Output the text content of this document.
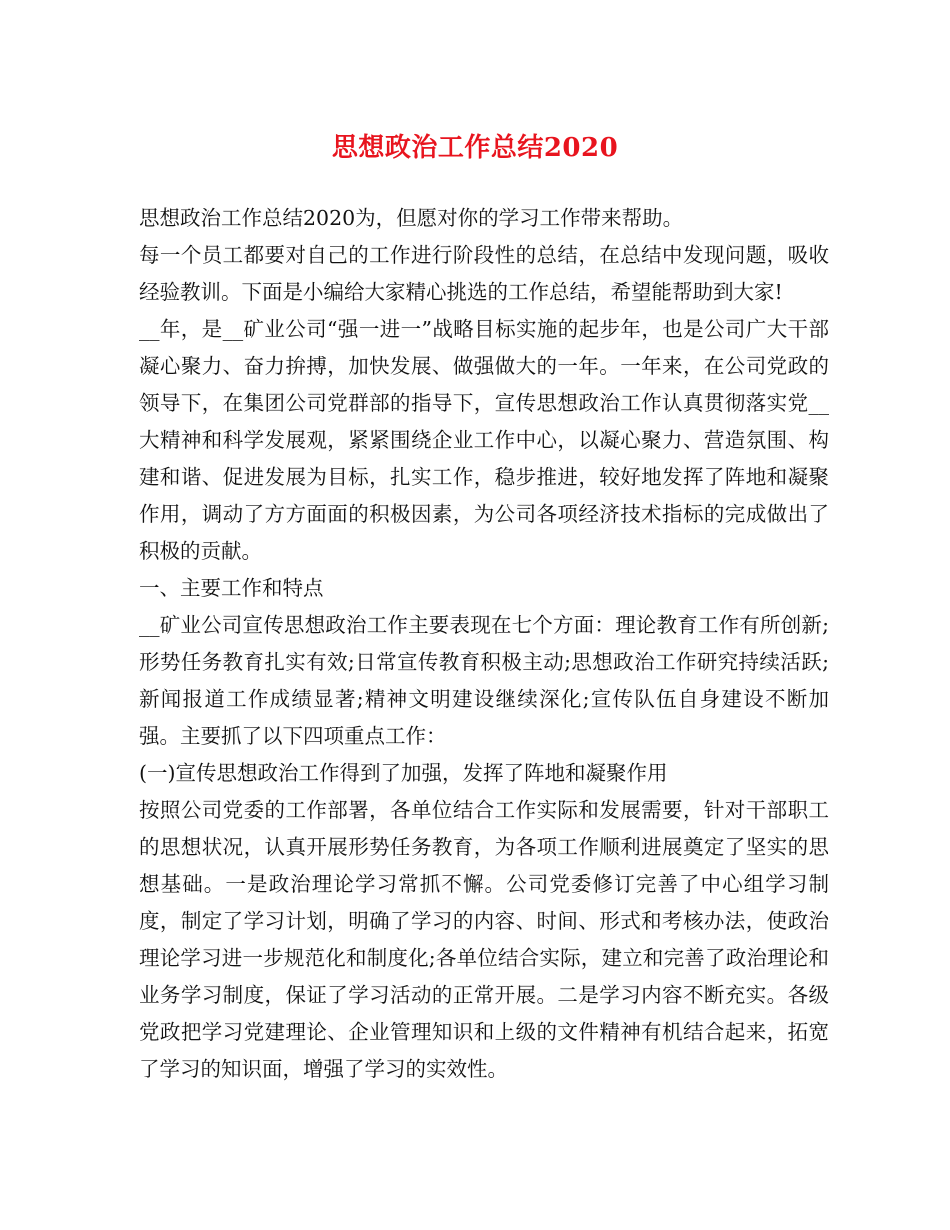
思想政治工作总结2020

思想政治工作总结2020为，但愿对你的学习工作带来帮助。

每一个员工都要对自己的工作进行阶段性的总结，在总结中发现问题，吸收经验教训。下面是小编给大家精心挑选的工作总结，希望能帮助到大家!

__年，是__矿业公司“强一进一”战略目标实施的起步年，也是公司广大干部凝心聚力、奋力拚搏，加快发展、做强做大的一年。一年来，在公司党政的领导下，在集团公司党群部的指导下，宣传思想政治工作认真贯彻落实党__大精神和科学发展观，紧紧围绕企业工作中心，以凝心聚力、营造氛围、构建和谐、促进发展为目标，扎实工作，稳步推进，较好地发挥了阵地和凝聚作用，调动了方方面面的积极因素，为公司各项经济技术指标的完成做出了积极的贡献。

一、主要工作和特点

__矿业公司宣传思想政治工作主要表现在七个方面：理论教育工作有所创新;形势任务教育扎实有效;日常宣传教育积极主动;思想政治工作研究持续活跃;新闻报道工作成绩显著;精神文明建设继续深化;宣传队伍自身建设不断加强。主要抓了以下四项重点工作：

(一)宣传思想政治工作得到了加强，发挥了阵地和凝聚作用

按照公司党委的工作部署，各单位结合工作实际和发展需要，针对干部职工的思想状况，认真开展形势任务教育，为各项工作顺利进展奠定了坚实的思想基础。一是政治理论学习常抓不懈。公司党委修订完善了中心组学习制度，制定了学习计划，明确了学习的内容、时间、形式和考核办法，使政治理论学习进一步规范化和制度化;各单位结合实际，建立和完善了政治理论和业务学习制度，保证了学习活动的正常开展。二是学习内容不断充实。各级党政把学习党建理论、企业管理知识和上级的文件精神有机结合起来，拓宽了学习的知识面，增强了学习的实效性。
